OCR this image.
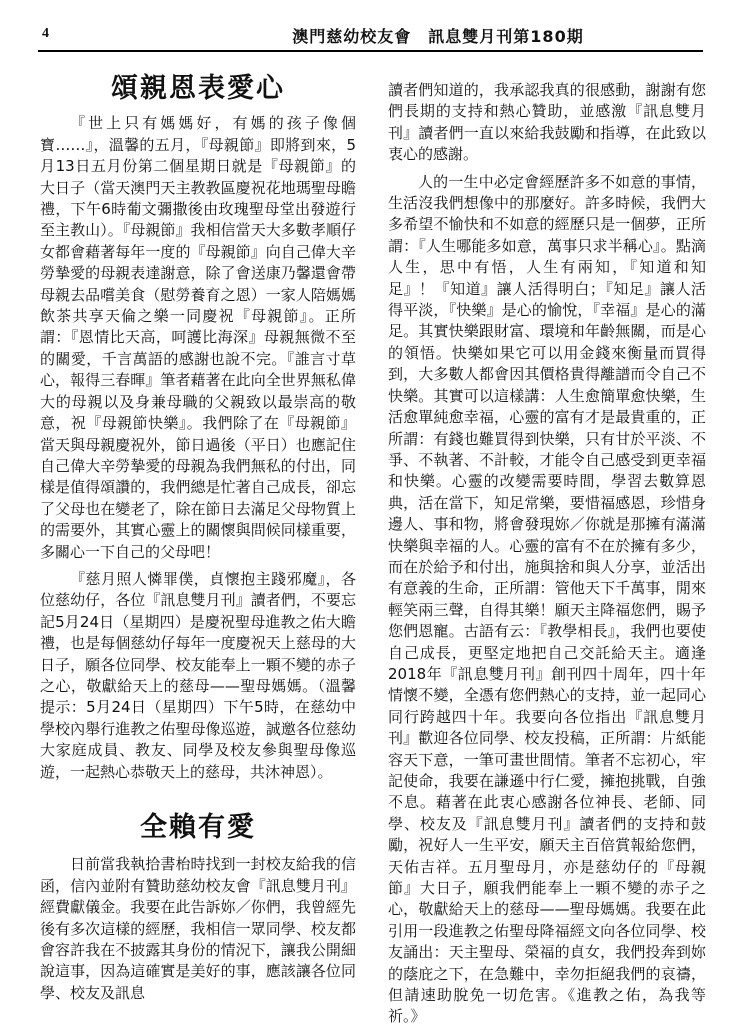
4	澳門慈幼校友會　訊息雙月刊第180期
頌親恩表愛心

『世上只有媽媽好，有媽的孩子像個寶……』，溫馨的五月，『母親節』即將到來，5月13日五月份第二個星期日就是『母親節』的大日子（當天澳門天主教教區慶祝花地瑪聖母瞻禮，下午6時葡文彌撒後由玫瑰聖母堂出發遊行至主教山）。『母親節』我相信當天大多數孝順仔女都會藉著每年一度的『母親節』向自己偉大辛勞摯愛的母親表達謝意，除了會送康乃馨還會帶母親去品嚐美食（慰勞養育之恩）一家人陪媽媽飲茶共享天倫之樂一同慶祝『母親節』。正所謂：『恩情比天高，呵護比海深』母親無微不至的關愛，千言萬語的感謝也說不完。『誰言寸草心，報得三春暉』筆者藉著在此向全世界無私偉大的母親以及身兼母職的父親致以最崇高的敬意，祝『母親節快樂』。我們除了在『母親節』當天與母親慶祝外，節日過後（平日）也應記住自己偉大辛勞摯愛的母親為我們無私的付出，同樣是值得頌讚的，我們總是忙著自己成長，卻忘了父母也在變老了，除在節日去滿足父母物質上的需要外，其實心靈上的關懷與問候同樣重要，多關心一下自己的父母吧！

『慈月照人憐罪僕，貞懷抱主踐邪魔』，各位慈幼仔，各位『訊息雙月刊』讀者們，不要忘記5月24日（星期四）是慶祝聖母進教之佑大瞻禮，也是每個慈幼仔每年一度慶祝天上慈母的大日子，願各位同學、校友能奉上一顆不變的赤子之心，敬獻給天上的慈母——聖母媽媽。（溫馨提示：5月24日（星期四）下午5時，在慈幼中學校內舉行進教之佑聖母像巡遊，誠邀各位慈幼大家庭成員、教友、同學及校友參與聖母像巡遊，一起熱心恭敬天上的慈母，共沐神恩）。

全賴有愛

日前當我執拾書枱時找到一封校友給我的信函，信內並附有贊助慈幼校友會『訊息雙月刊』經費獻儀金。我要在此告訴妳／你們，我曾經先後有多次這樣的經歷，我相信一眾同學、校友都會容許我在不披露其身份的情況下，讓我公開細說這事，因為這確實是美好的事，應該讓各位同學、校友及訊息

讀者們知道的，我承認我真的很感動，謝謝有您們長期的支持和熱心贊助，並感激『訊息雙月刊』讀者們一直以來給我鼓勵和指導，在此致以衷心的感謝。

人的一生中必定會經歷許多不如意的事情，生活沒我們想像中的那麼好。許多時候，我們大多希望不愉快和不如意的經歷只是一個夢，正所謂：『人生哪能多如意，萬事只求半稱心』。點滴人生，思中有悟，人生有兩知，『知道和知足』！『知道』讓人活得明白；『知足』讓人活得平淡，『快樂』是心的愉悅，『幸福』是心的滿足。其實快樂跟財富、環境和年齡無關，而是心的領悟。快樂如果它可以用金錢來衡量而買得到，大多數人都會因其價格貴得離譜而令自己不快樂。其實可以這樣講：人生愈簡單愈快樂，生活愈單純愈幸福，心靈的富有才是最貴重的，正所謂：有錢也難買得到快樂，只有甘於平淡、不爭、不執著、不計較，才能令自己感受到更幸福和快樂。心靈的改變需要時間，學習去數算恩典，活在當下，知足常樂，要惜福感恩，珍惜身邊人、事和物，將會發現妳／你就是那擁有滿滿快樂與幸福的人。心靈的富有不在於擁有多少，而在於給予和付出，施與捨和與人分享，並活出有意義的生命，正所謂：管他天下千萬事，閒來輕笑兩三聲，自得其樂！願天主降福您們，賜予您們恩寵。古語有云：『教學相長』，我們也要使自己成長，更堅定地把自己交託給天主。適逢2018年『訊息雙月刊』創刊四十周年，四十年情懷不變，全憑有您們熱心的支持，並一起同心同行跨越四十年。我要向各位指出『訊息雙月刊』歡迎各位同學、校友投稿，正所謂：片紙能容天下意，一筆可畫世間情。筆者不忘初心，牢記使命，我要在謙遜中行仁愛，擁抱挑戰，自強不息。藉著在此衷心感謝各位神長、老師、同學、校友及『訊息雙月刊』讀者們的支持和鼓勵，祝好人一生平安，願天主百倍賞報給您們，天佑吉祥。五月聖母月，亦是慈幼仔的『母親節』大日子，願我們能奉上一顆不變的赤子之心，敬獻給天上的慈母——聖母媽媽。我要在此引用一段進教之佑聖母降福經文向各位同學、校友誦出：天主聖母、榮福的貞女，我們投奔到妳的蔭庇之下，在急難中，幸勿拒絕我們的哀禱，但請速助脫免一切危害。《進教之佑，為我等祈。》
